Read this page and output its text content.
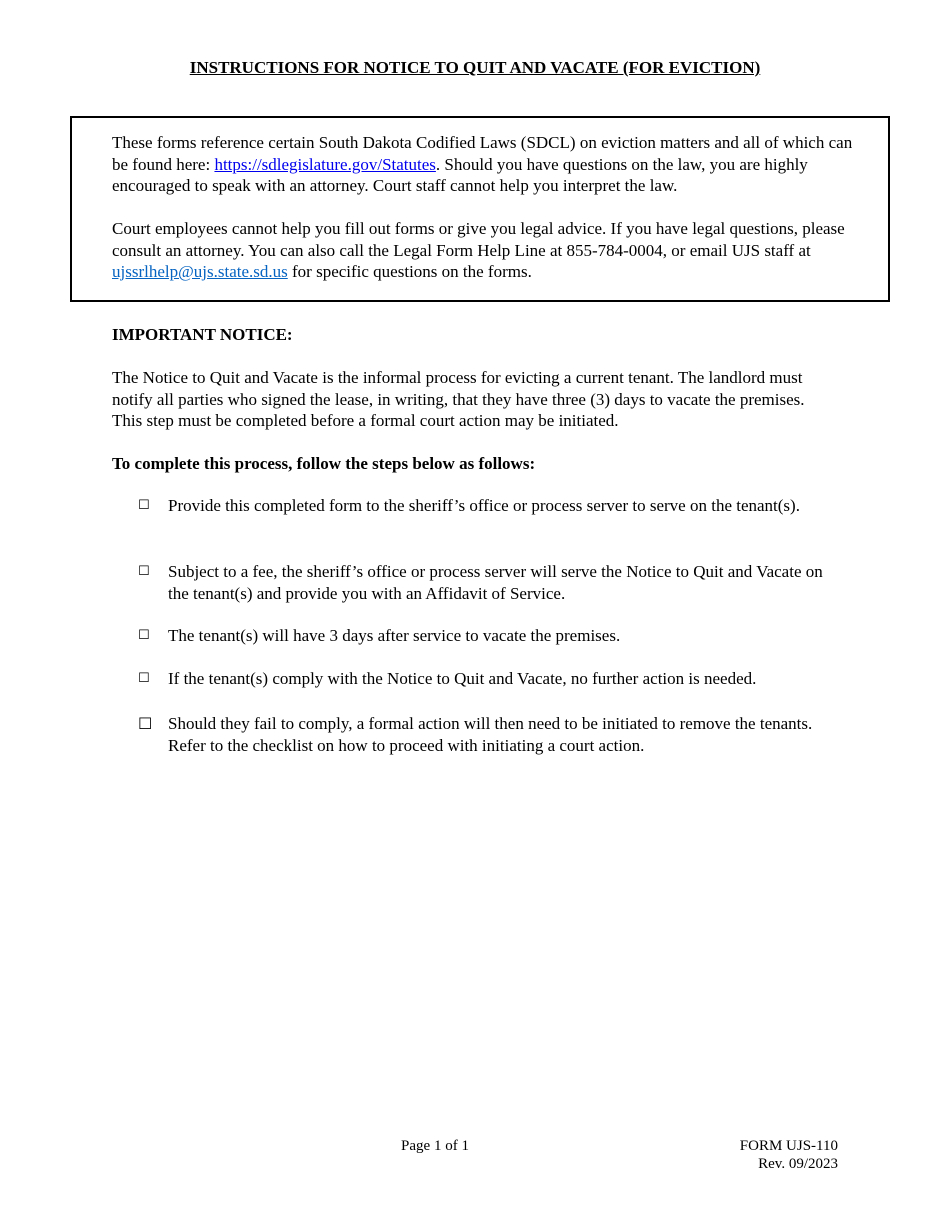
INSTRUCTIONS FOR NOTICE TO QUIT AND VACATE (FOR EVICTION)

These forms reference certain South Dakota Codified Laws (SDCL) on eviction matters and all of which can be found here: https://sdlegislature.gov/Statutes. Should you have questions on the law, you are highly encouraged to speak with an attorney. Court staff cannot help you interpret the law.

Court employees cannot help you fill out forms or give you legal advice. If you have legal questions, please consult an attorney. You can also call the Legal Form Help Line at 855-784-0004, or email UJS staff at ujssrlhelp@ujs.state.sd.us for specific questions on the forms.

IMPORTANT NOTICE:

The Notice to Quit and Vacate is the informal process for evicting a current tenant. The landlord must notify all parties who signed the lease, in writing, that they have three (3) days to vacate the premises. This step must be completed before a formal court action may be initiated.

To complete this process, follow the steps below as follows:
☐	Provide this completed form to the sheriff’s office or process server to serve on the tenant(s).
☐	Subject to a fee, the sheriff’s office or process server will serve the Notice to Quit and Vacate on the tenant(s) and provide you with an Affidavit of Service.
☐	The tenant(s) will have 3 days after service to vacate the premises.
☐	If the tenant(s) comply with the Notice to Quit and Vacate, no further action is needed.
☐ Should they fail to comply, a formal action will then need to be initiated to remove the tenants. Refer to the checklist on how to proceed with initiating a court action.
Page 1 of 1	FORM UJS-110
Rev. 09/2023
